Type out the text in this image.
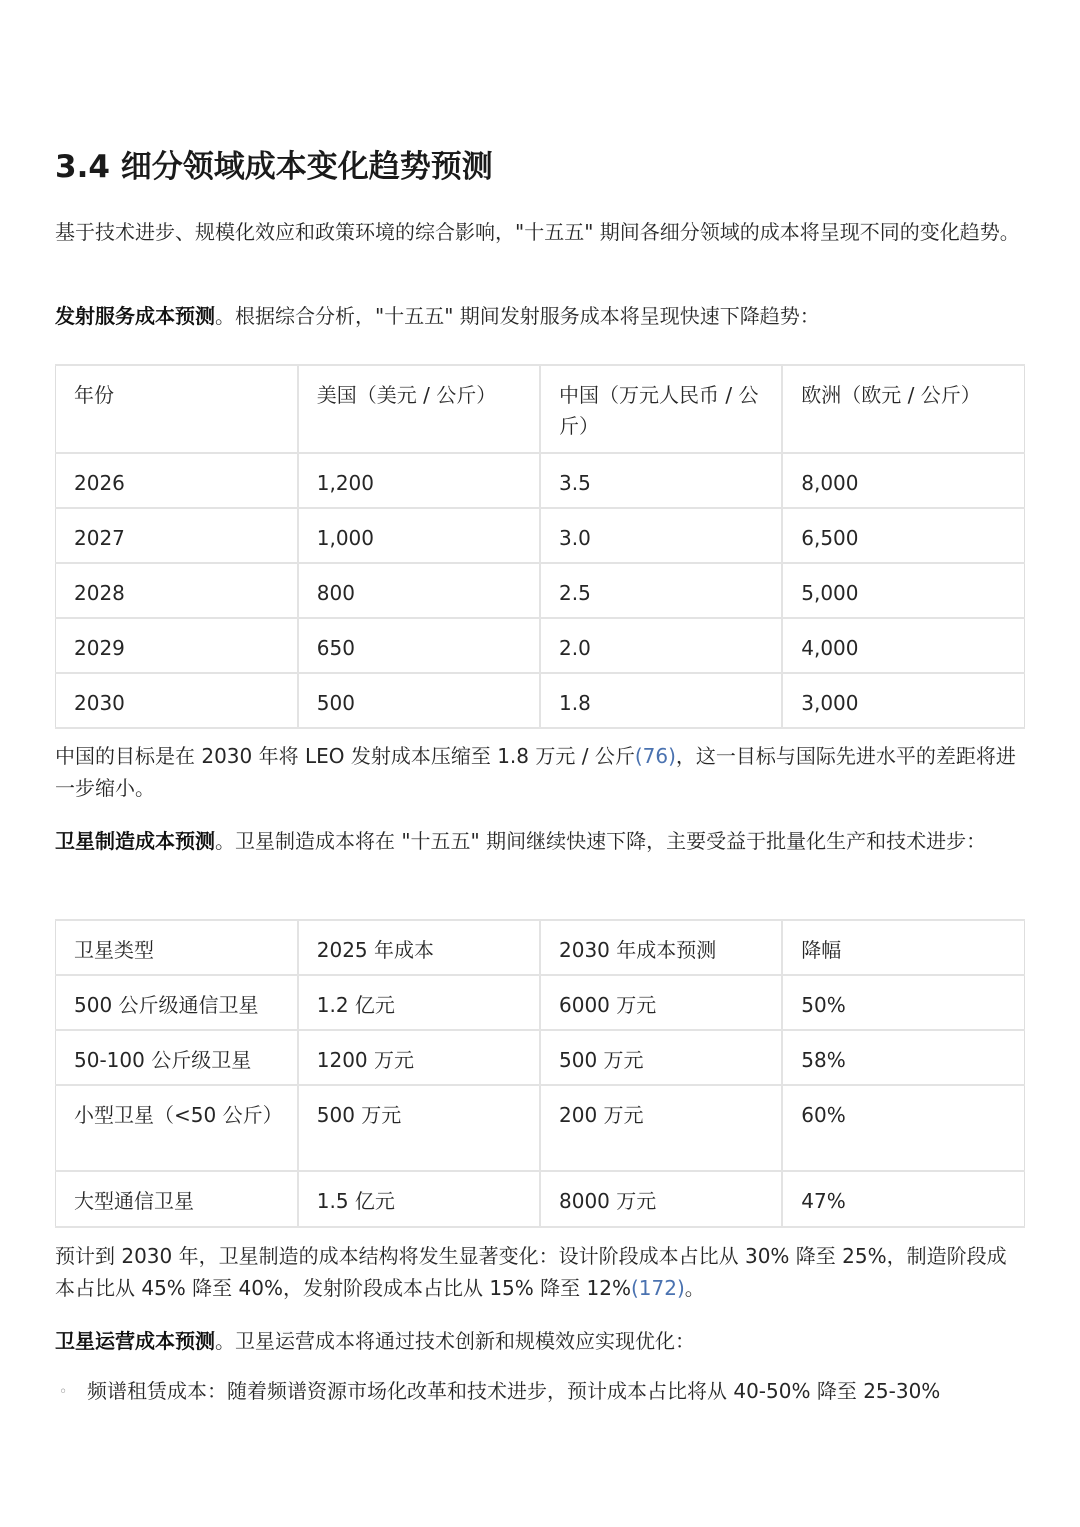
3.4 细分领域成本变化趋势预测

基于技术进步、规模化效应和政策环境的综合影响，"十五五" 期间各细分领域的成本将呈现不同的变化趋势。

发射服务成本预测。根据综合分析，"十五五" 期间发射服务成本将呈现快速下降趋势：

年份	美国（美元 / 公斤）	中国（万元人民币 / 公斤）	欧洲（欧元 / 公斤）
2026	1,200	3.5	8,000
2027	1,000	3.0	6,500
2028	800	2.5	5,000
2029	650	2.0	4,000
2030	500	1.8	3,000

中国的目标是在 2030 年将 LEO 发射成本压缩至 1.8 万元 / 公斤(76)，这一目标与国际先进水平的差距将进一步缩小。

卫星制造成本预测。卫星制造成本将在 "十五五" 期间继续快速下降，主要受益于批量化生产和技术进步：

卫星类型	2025 年成本	2030 年成本预测	降幅
500 公斤级通信卫星	1.2 亿元	6000 万元	50%
50-100 公斤级卫星	1200 万元	500 万元	58%
小型卫星（<50 公斤）	500 万元	200 万元	60%
大型通信卫星	1.5 亿元	8000 万元	47%

预计到 2030 年，卫星制造的成本结构将发生显著变化：设计阶段成本占比从 30% 降至 25%，制造阶段成本占比从 45% 降至 40%，发射阶段成本占比从 15% 降至 12%(172)。

卫星运营成本预测。卫星运营成本将通过技术创新和规模效应实现优化：

◦ 频谱租赁成本：随着频谱资源市场化改革和技术进步，预计成本占比将从 40-50% 降至 25-30%
